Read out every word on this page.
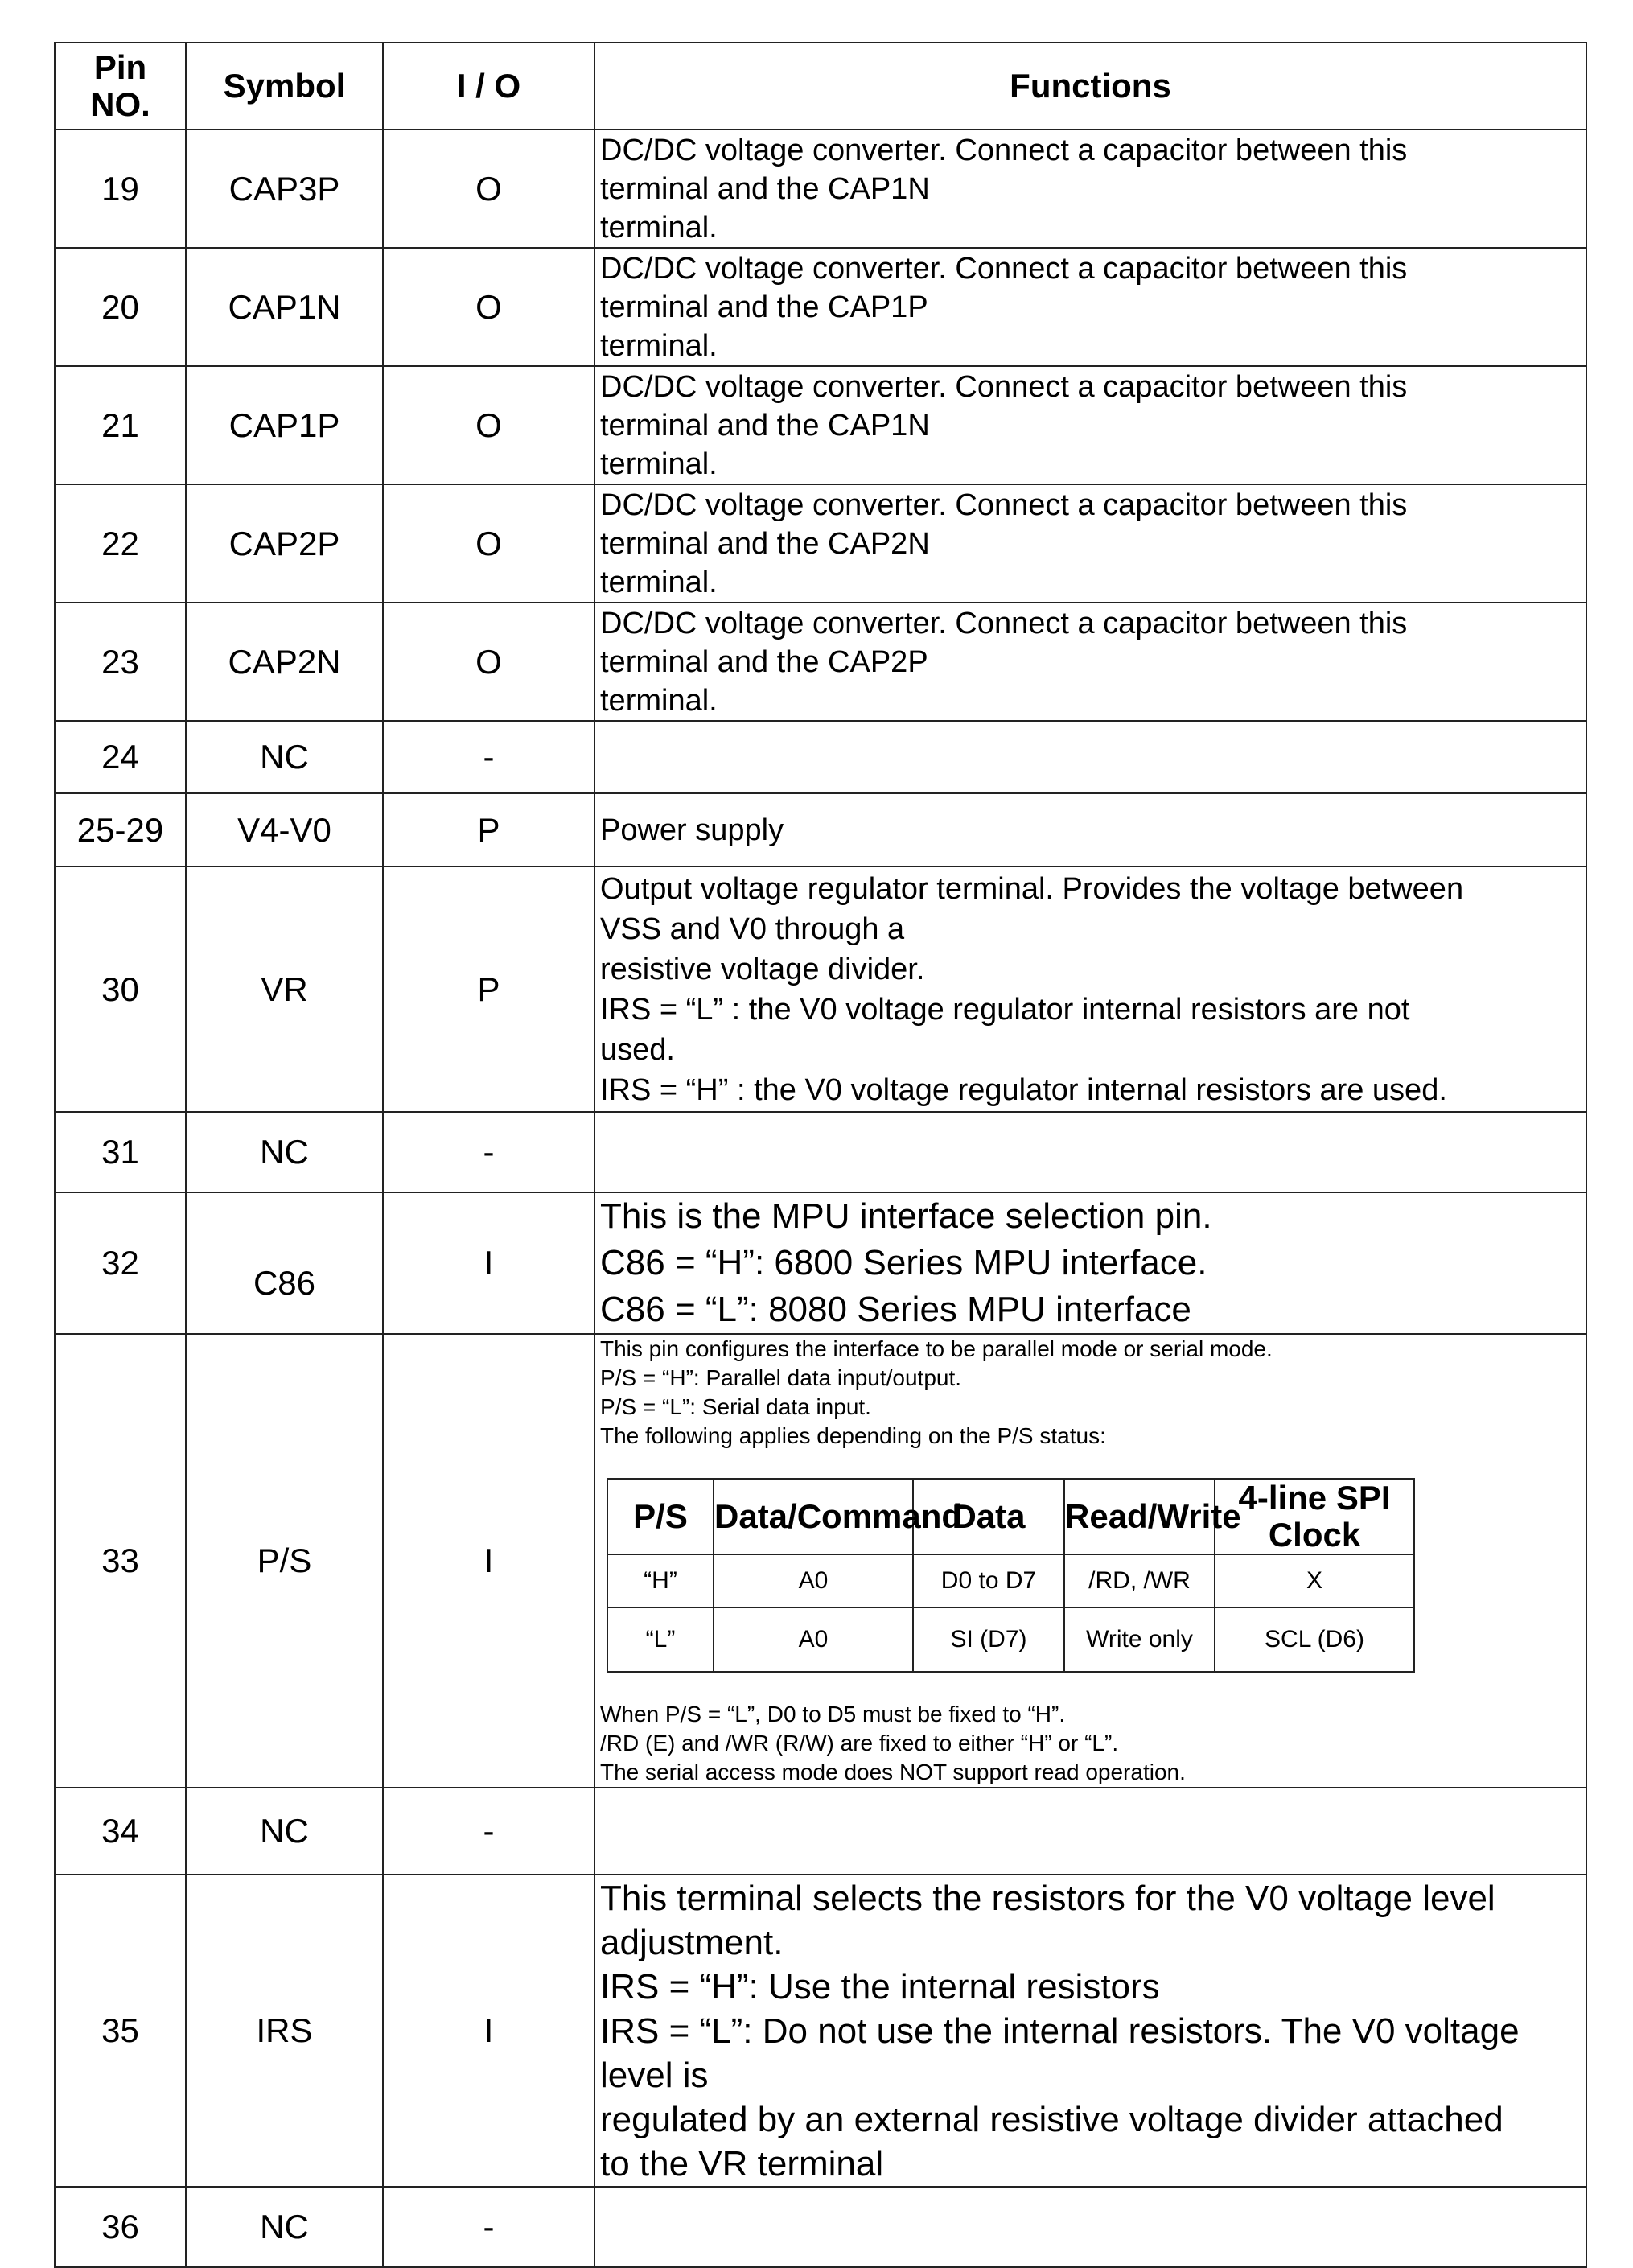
Pin NO.	Symbol	I / O	Functions
19	CAP3P	O	
DC/DC voltage converter. Connect a capacitor between this
terminal and the CAP1N
terminal.

20	CAP1N	O	
DC/DC voltage converter. Connect a capacitor between this
terminal and the CAP1P
terminal.

21	CAP1P	O	
DC/DC voltage converter. Connect a capacitor between this
terminal and the CAP1N
terminal.

22	CAP2P	O	
DC/DC voltage converter. Connect a capacitor between this
terminal and the CAP2N
terminal.

23	CAP2N	O	
DC/DC voltage converter. Connect a capacitor between this
terminal and the CAP2P
terminal.

24	NC	-	
25-29	V4-V0	P	Power supply

30	VR	P	
Output voltage regulator terminal. Provides the voltage between
VSS and V0 through a
resistive voltage divider.
IRS = “L” : the V0 voltage regulator internal resistors are not
used.
IRS = “H” : the V0 voltage regulator internal resistors are used.

31	NC	-	
32	C86	I	
This is the MPU interface selection pin.
C86 = “H”: 6800 Series MPU interface.
C86 = “L”: 8080 Series MPU interface

33	P/S	I	
This pin configures the interface to be parallel mode or serial mode.
P/S = “H”: Parallel data input/output.
P/S = “L”: Serial data input.
The following applies depending on the P/S status:
P/S	Data/Command	Data	Read/Write	4-line SPI Clock
“H”	A0	D0 to D7	/RD, /WR	X
“L”	A0	SI (D7)	Write only	SCL (D6)
When P/S = “L”, D0 to D5 must be fixed to “H”.
/RD (E) and /WR (R/W) are fixed to either “H” or “L”.
The serial access mode does NOT support read operation.

34	NC	-	
35	IRS	I	
This terminal selects the resistors for the V0 voltage level
adjustment.
IRS = “H”: Use the internal resistors
IRS = “L”: Do not use the internal resistors. The V0 voltage
level is
regulated by an external resistive voltage divider attached
to the VR terminal

36	NC	-	
